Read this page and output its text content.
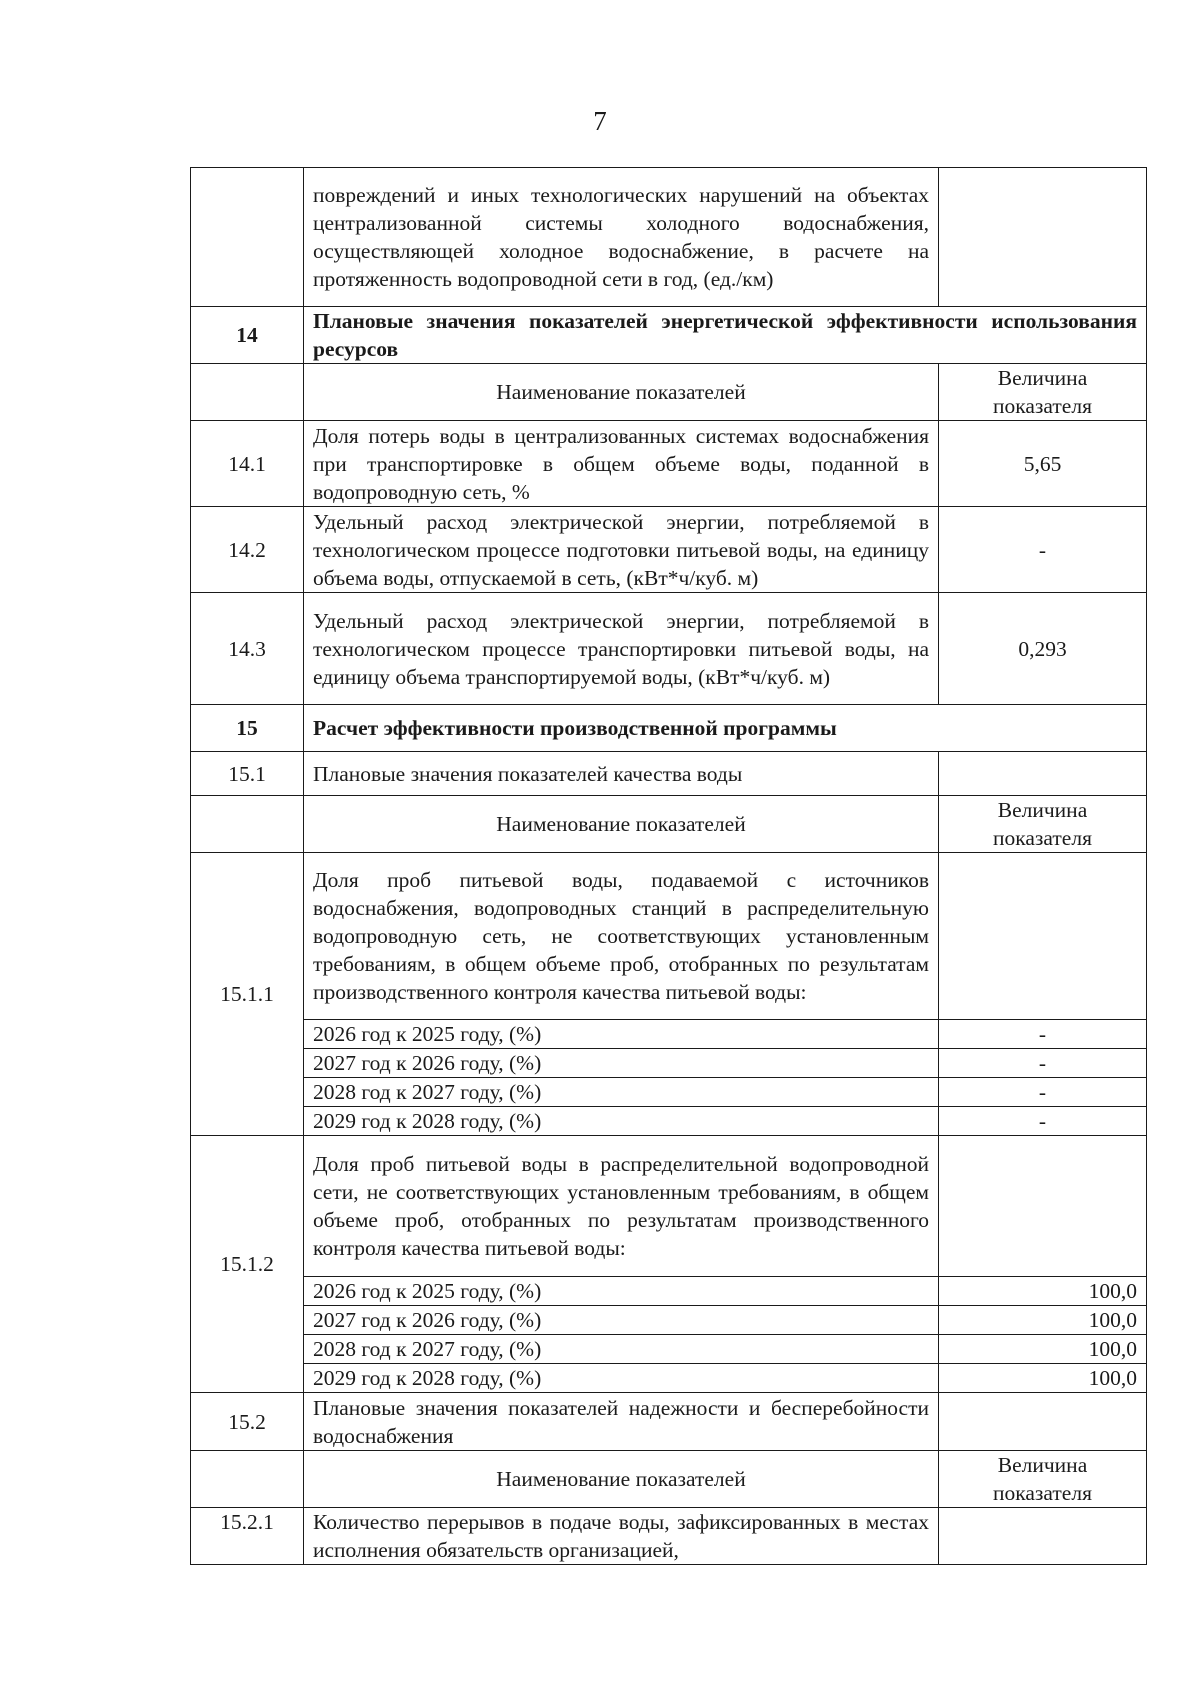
7
	повреждений и иных технологических нарушений на объектах централизованной системы холодного водоснабжения, осуществляющей холодное водоснабжение, в расчете на протяженность водопроводной сети в год, (ед./км)	
14	Плановые значения показателей энергетической эффективности использования ресурсов	
	Наименование показателей	Величина показателя
14.1	Доля потерь воды в централизованных системах водоснабжения при транспортировке в общем объеме воды, поданной в водопроводную сеть, %	5,65
14.2	Удельный расход электрической энергии, потребляемой в технологическом процессе подготовки питьевой воды, на единицу объема воды, отпускаемой в сеть, (кВт*ч/куб. м)	-
14.3	Удельный расход электрической энергии, потребляемой в технологическом процессе транспортировки питьевой воды, на единицу объема транспортируемой воды, (кВт*ч/куб. м)	0,293
15	Расчет эффективности производственной программы	
15.1	Плановые значения показателей качества воды	
	Наименование показателей	Величина показателя
15.1.1	Доля проб питьевой воды, подаваемой с источников водоснабжения, водопроводных станций в распределительную водопроводную сеть, не соответствующих установленным требованиям, в общем объеме проб, отобранных по результатам производственного контроля качества питьевой воды:	
	2026 год к 2025 году, (%)	-
	2027 год к 2026 году, (%)	-
	2028 год к 2027 году, (%)	-
	2029 год к 2028 году, (%)	-
15.1.2	Доля проб питьевой воды в распределительной водопроводной сети, не соответствующих установленным требованиям, в общем объеме проб, отобранных по результатам производственного контроля качества питьевой воды:	
	2026 год к 2025 году, (%)	100,0
	2027 год к 2026 году, (%)	100,0
	2028 год к 2027 году, (%)	100,0
	2029 год к 2028 году, (%)	100,0
15.2	Плановые значения показателей надежности и бесперебойности водоснабжения	
	Наименование показателей	Величина показателя
15.2.1	Количество перерывов в подаче воды, зафиксированных в местах исполнения обязательств организацией,	
